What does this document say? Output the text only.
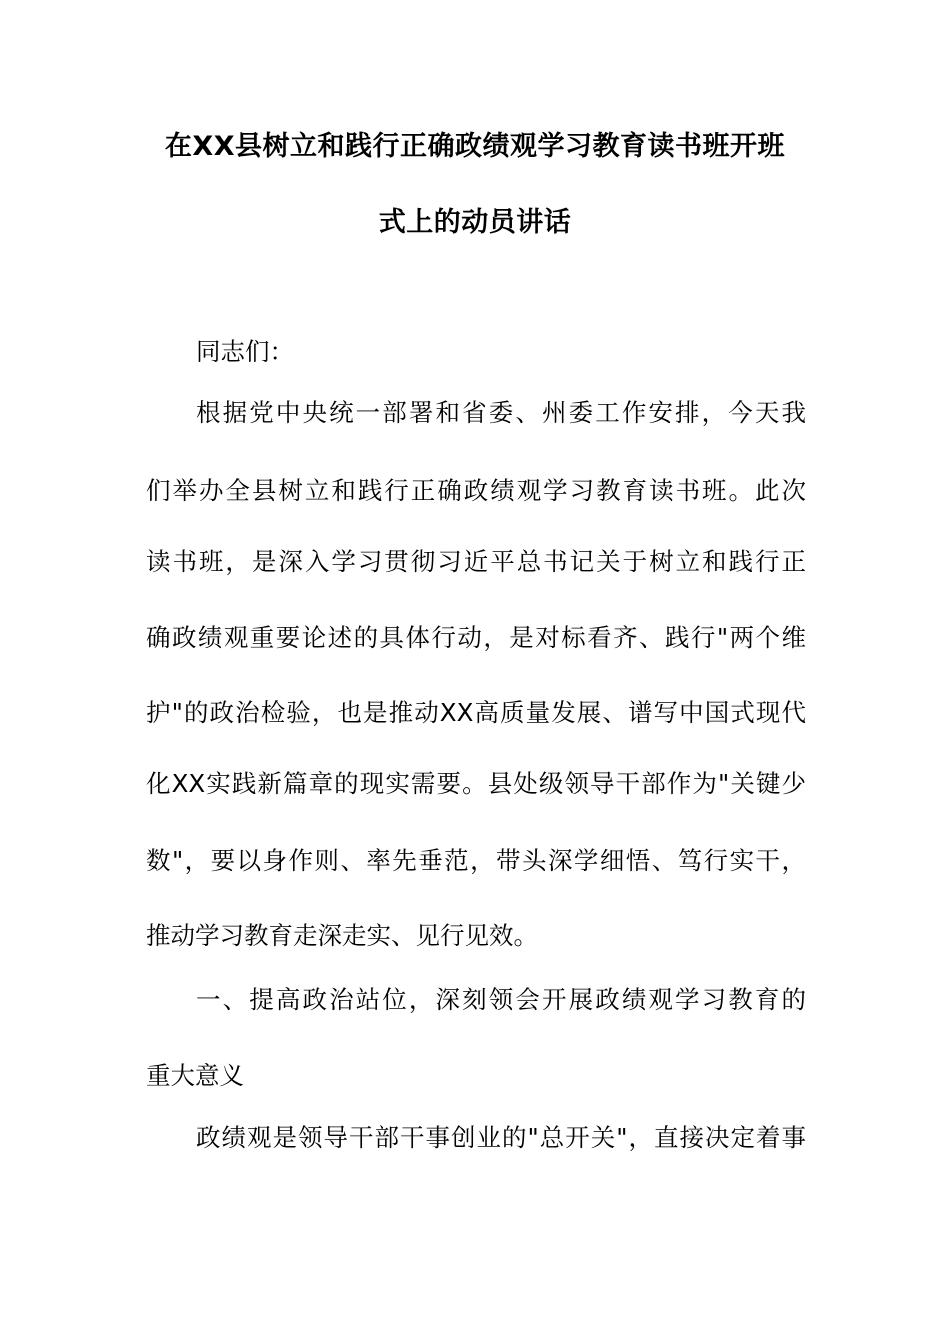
在XX县树立和践行正确政绩观学习教育读书班开班
式上的动员讲话
同志们：
根据党中央统一部署和省委、州委工作安排，今天我
们举办全县树立和践行正确政绩观学习教育读书班。此次
读书班，是深入学习贯彻习近平总书记关于树立和践行正
确政绩观重要论述的具体行动，是对标看齐、践行"两个维
护"的政治检验，也是推动XX高质量发展、谱写中国式现代
化XX实践新篇章的现实需要。县处级领导干部作为"关键少
数"，要以身作则、率先垂范，带头深学细悟、笃行实干，
推动学习教育走深走实、见行见效。
一、提高政治站位，深刻领会开展政绩观学习教育的
重大意义
政绩观是领导干部干事创业的"总开关"，直接决定着事
